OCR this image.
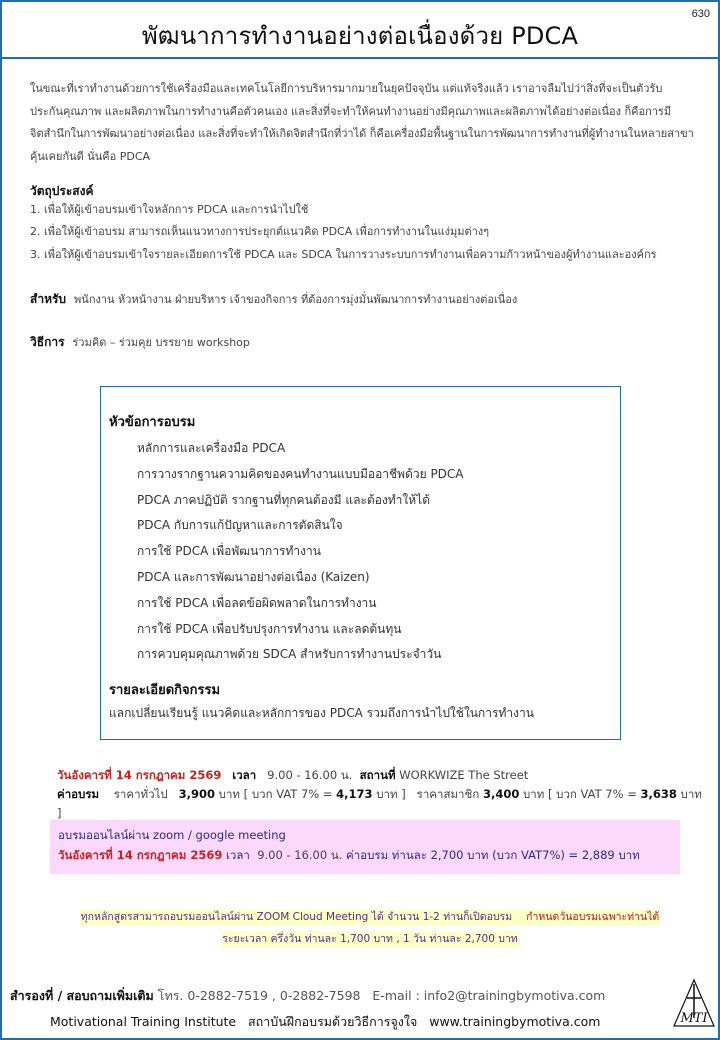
พัฒนาการทำงานอย่างต่อเนื่องด้วย PDCA
630

ในขณะที่เราทำงานด้วยการใช้เครื่องมือและเทคโนโลยีการบริหารมากมายในยุคปัจจุบัน แต่แท้จริงแล้ว เราอาจลืมไปว่าสิ่งที่จะเป็นตัวรับประกันคุณภาพ และผลิตภาพในการทำงานคือตัวคนเอง และสิ่งที่จะทำให้คนทำงานอย่างมีคุณภาพและผลิตภาพได้อย่างต่อเนื่อง ก็คือการมีจิตสำนึกในการพัฒนาอย่างต่อเนื่อง และสิ่งที่จะทำให้เกิดจิตสำนึกที่ว่าได้ ก็คือเครื่องมือพื้นฐานในการพัฒนาการทำงานที่ผู้ทำงานในหลายสาขาคุ้นเคยกันดี นั่นคือ PDCA

วัตถุประสงค์
1. เพื่อให้ผู้เข้าอบรมเข้าใจหลักการ PDCA และการนำไปใช้
2. เพื่อให้ผู้เข้าอบรม สามารถเห็นแนวทางการประยุกต์แนวคิด PDCA เพื่อการทำงานในแง่มุมต่างๆ
3. เพื่อให้ผู้เข้าอบรมเข้าใจรายละเอียดการใช้ PDCA และ SDCA ในการวางระบบการทำงานเพื่อความก้าวหน้าของผู้ทำงานและองค์กร
สำหรับ พนักงาน หัวหน้างาน ฝ่ายบริหาร เจ้าของกิจการ ที่ต้องการมุ่งมั่นพัฒนาการทำงานอย่างต่อเนื่อง
วิธีการ ร่วมคิด – ร่วมคุย บรรยาย workshop
หัวข้อการอบรม
หลักการและเครื่องมือ PDCA
การวางรากฐานความคิดของคนทำงานแบบมืออาชีพด้วย PDCA
PDCA ภาคปฏิบัติ รากฐานที่ทุกคนต้องมี และต้องทำให้ได้
PDCA กับการแก้ปัญหาและการตัดสินใจ
การใช้ PDCA เพื่อพัฒนาการทำงาน
PDCA และการพัฒนาอย่างต่อเนื่อง (Kaizen)
การใช้ PDCA เพื่อลดข้อผิดพลาดในการทำงาน
การใช้ PDCA เพื่อปรับปรุงการทำงาน และลดต้นทุน
การควบคุมคุณภาพด้วย SDCA สำหรับการทำงานประจำวัน
รายละเอียดกิจกรรม
แลกเปลี่ยนเรียนรู้ แนวคิดและหลักการของ PDCA รวมถึงการนำไปใช้ในการทำงาน
วันอังคารที่ 14 กรกฎาคม 2569 เวลา 9.00 - 16.00 น. สถานที่ WORKWIZE The Street
ค่าอบรม ราคาทั่วไป 3,900 บาท [ บวก VAT 7% = 4,173 บาท ] ราคาสมาชิก 3,400 บาท [ บวก VAT 7% = 3,638 บาท ]
อบรมออนไลน์ผ่าน zoom / google meeting
วันอังคารที่ 14 กรกฎาคม 2569 เวลา 9.00 - 16.00 น. ค่าอบรม ท่านละ 2,700 บาท (บวก VAT7%) = 2,889 บาท
ทุกหลักสูตรสามารถอบรมออนไลน์ผ่าน ZOOM Cloud Meeting ได้ จำนวน 1-2 ท่านก็เปิดอบรม กำหนดวันอบรมเฉพาะท่านได้
ระยะเวลา ครึ่งวัน ท่านละ 1,700 บาท , 1 วัน ท่านละ 2,700 บาท
สำรองที่ / สอบถามเพิ่มเติม โทร. 0-2882-7519 , 0-2882-7598 E-mail : info2@trainingbymotiva.com
Motivational Training Institute สถาบันฝึกอบรมด้วยวิธีการจูงใจ www.trainingbymotiva.com	MTI
